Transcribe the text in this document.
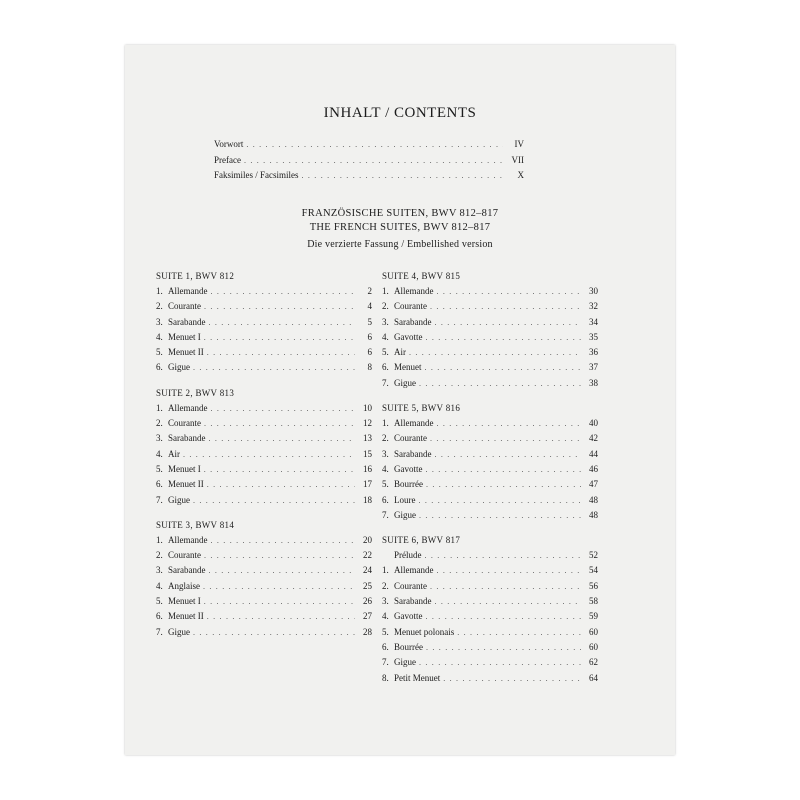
INHALT / CONTENTS
Vorwort . . .	IV
Preface . . .	VII
Faksimiles / Facsimiles . . .	X
FRANZÖSISCHE SUITEN, BWV 812–817
THE FRENCH SUITES, BWV 812–817
Die verzierte Fassung / Embellished version
SUITE 1, BWV 812
1. Allemande . . .	2
2. Courante . . .	4
3. Sarabande . . .	5
4. Menuet I . . .	6
5. Menuet II . . .	6
6. Gigue . . .	8
SUITE 2, BWV 813
1. Allemande . . .	10
2. Courante . . .	12
3. Sarabande . . .	13
4. Air . . .	15
5. Menuet I . . .	16
6. Menuet II . . .	17
7. Gigue . . .	18
SUITE 3, BWV 814
1. Allemande . . .	20
2. Courante . . .	22
3. Sarabande . . .	24
4. Anglaise . . .	25
5. Menuet I . . .	26
6. Menuet II . . .	27
7. Gigue . . .	28
SUITE 4, BWV 815
1. Allemande . . .	30
2. Courante . . .	32
3. Sarabande . . .	34
4. Gavotte . . .	35
5. Air . . .	36
6. Menuet . . .	37
7. Gigue . . .	38
SUITE 5, BWV 816
1. Allemande . . .	40
2. Courante . . .	42
3. Sarabande . . .	44
4. Gavotte . . .	46
5. Bourrée . . .	47
6. Loure . . .	48
7. Gigue . . .	48
SUITE 6, BWV 817
Prélude . . .	52
1. Allemande . . .	54
2. Courante . . .	56
3. Sarabande . . .	58
4. Gavotte . . .	59
5. Menuet polonais . . .	60
6. Bourrée . . .	60
7. Gigue . . .	62
8. Petit Menuet . . .	64
